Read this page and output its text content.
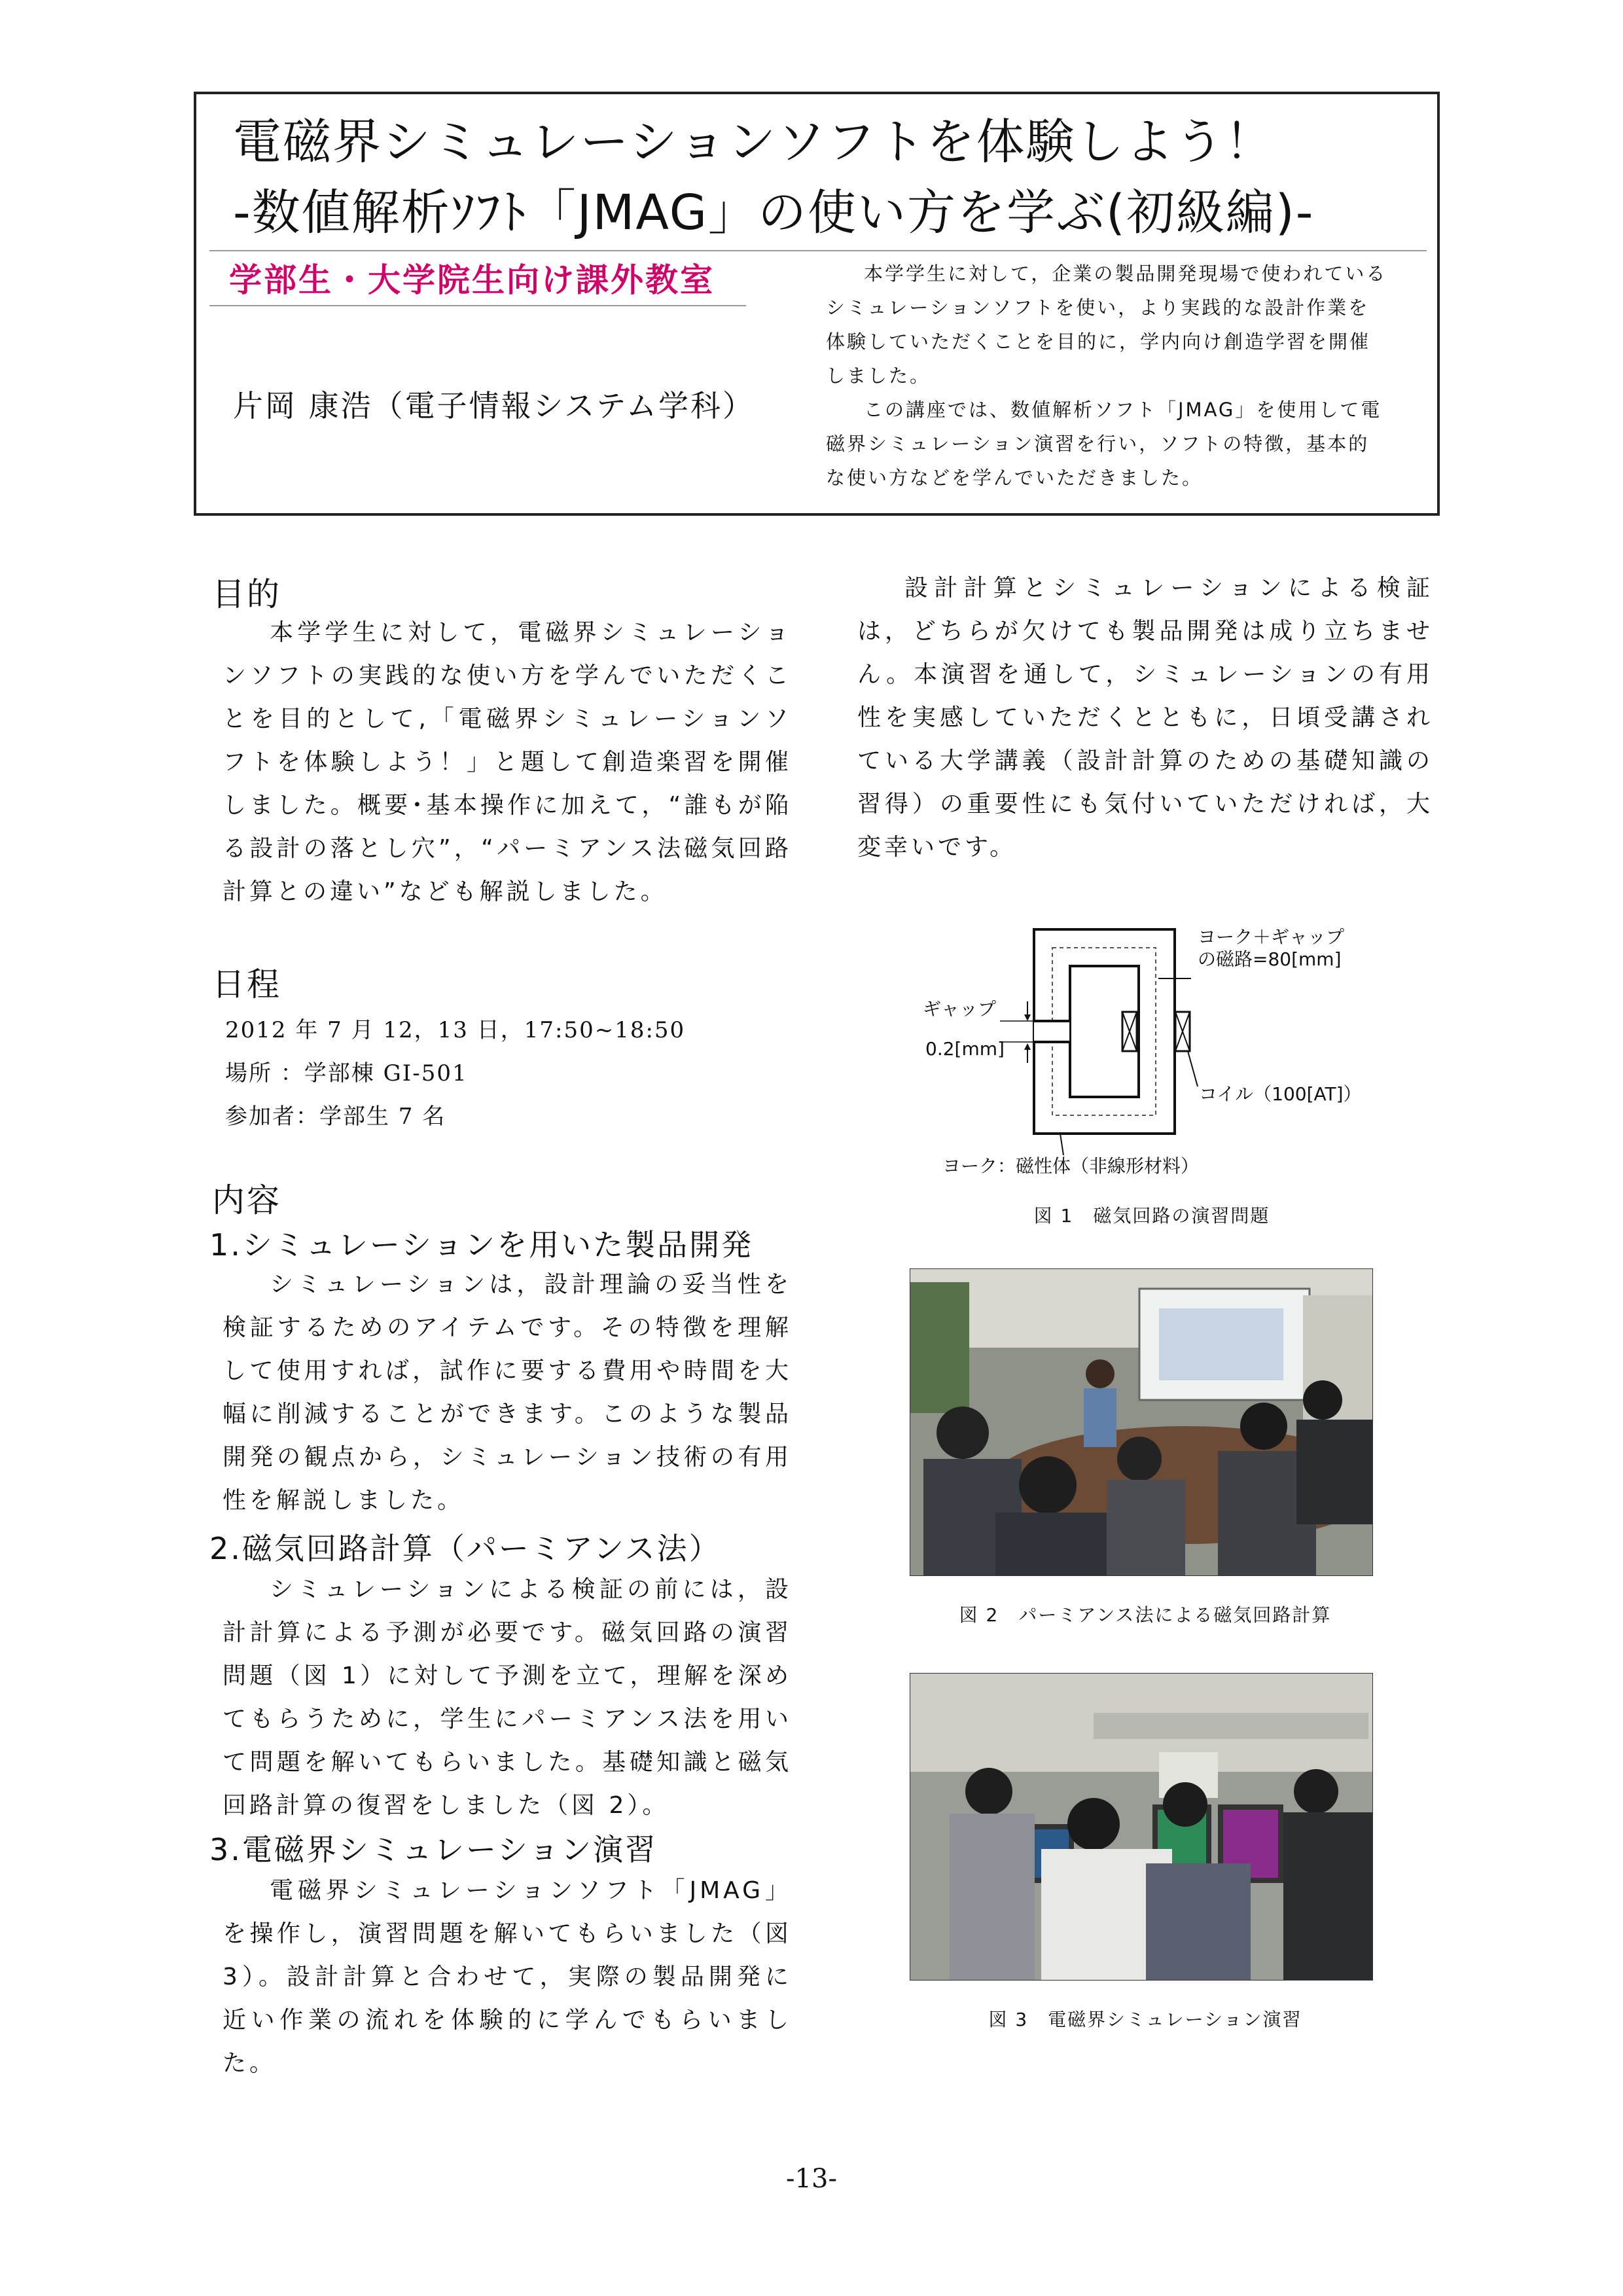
電磁界シミュレーションソフトを体験しよう！
-数値解析ｿﾌﾄ「JMAG」の使い方を学ぶ(初級編)-
学部生・大学院生向け課外教室
片岡 康浩（電子情報システム学科）

本学学生に対して，企業の製品開発現場で使われているシミュレーションソフトを使い，より実践的な設計作業を体験していただくことを目的に，学内向け創造学習を開催しました。

この講座では、数値解析ソフト「JMAG」を使用して電磁界シミュレーション演習を行い，ソフトの特徴，基本的な使い方などを学んでいただきました。

目的

本学学生に対して，電磁界シミュレーションソフトの実践的な使い方を学んでいただくことを目的として,「電磁界シミュレーションソフトを体験しよう！」と題して創造楽習を開催しました。概要･基本操作に加えて，“誰もが陥る設計の落とし穴”，“パーミアンス法磁気回路計算との違い”なども解説しました。

日程
2012 年 7 月 12，13 日，17:50~18:50
場所 ：学部棟 GI-501
参加者：学部生 7 名
内容
1.シミュレーションを用いた製品開発

シミュレーションは，設計理論の妥当性を検証するためのアイテムです。その特徴を理解して使用すれば，試作に要する費用や時間を大幅に削減することができます。このような製品開発の観点から，シミュレーション技術の有用性を解説しました。

2.磁気回路計算（パーミアンス法）

シミュレーションによる検証の前には，設計計算による予測が必要です。磁気回路の演習問題（図 1）に対して予測を立て，理解を深めてもらうために，学生にパーミアンス法を用いて問題を解いてもらいました。基礎知識と磁気回路計算の復習をしました（図 2）。

3.電磁界シミュレーション演習

電磁界シミュレーションソフト「JMAG」を操作し，演習問題を解いてもらいました（図 3）。設計計算と合わせて，実際の製品開発に近い作業の流れを体験的に学んでもらいました。

設計計算とシミュレーションによる検証は，どちらが欠けても製品開発は成り立ちません。本演習を通して，シミュレーションの有用性を実感していただくとともに，日頃受講されている大学講義（設計計算のための基礎知識の習得）の重要性にも気付いていただければ，大変幸いです。

ギャップ
0.2[mm]
ヨーク＋ギャップ
の磁路=80[mm]
コイル（100[AT]）
ヨーク：磁性体（非線形材料）
図 1　磁気回路の演習問題
図 2　パーミアンス法による磁気回路計算
図 3　電磁界シミュレーション演習
-13-
